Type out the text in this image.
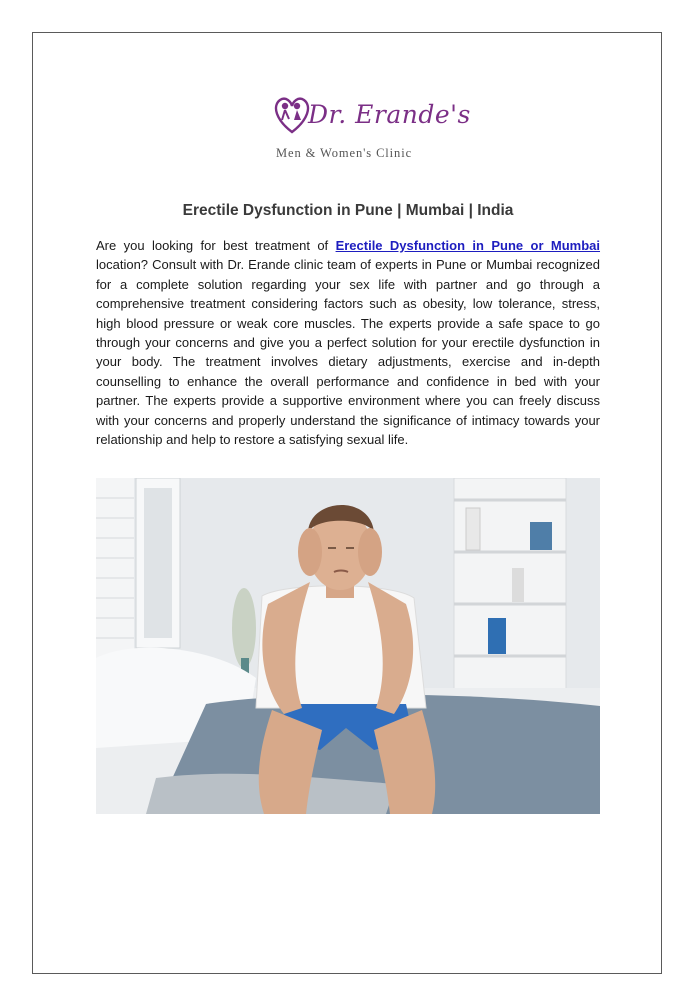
Dr. Erande's
Men & Women's Clinic
Erectile Dysfunction in Pune | Mumbai | India

Are you looking for best treatment of Erectile Dysfunction in Pune or Mumbai location? Consult with Dr. Erande clinic team of experts in Pune or Mumbai recognized for a complete solution regarding your sex life with partner and go through a comprehensive treatment considering factors such as obesity, low tolerance, stress, high blood pressure or weak core muscles. The experts provide a safe space to go through your concerns and give you a perfect solution for your erectile dysfunction in your body. The treatment involves dietary adjustments, exercise and in-depth counselling to enhance the overall performance and confidence in bed with your partner. The experts provide a supportive environment where you can freely discuss with your concerns and properly understand the significance of intimacy towards your relationship and help to restore a satisfying sexual life.
